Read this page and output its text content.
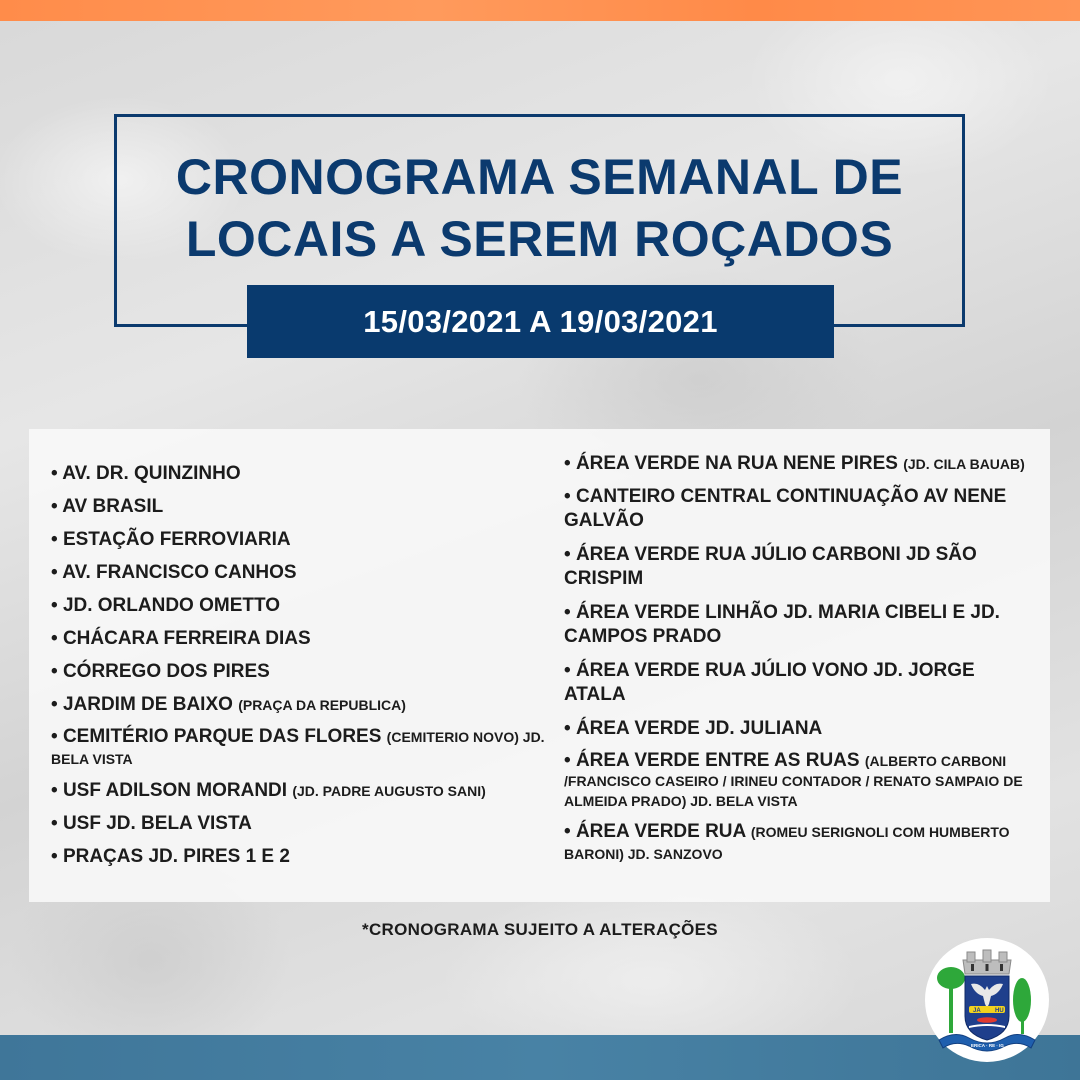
CRONOGRAMA SEMANAL DE
LOCAIS A SEREM ROÇADOS
15/03/2021 A 19/03/2021
• AV. DR. QUINZINHO
• AV BRASIL
• ESTAÇÃO FERROVIARIA
• AV. FRANCISCO CANHOS
• JD. ORLANDO OMETTO
• CHÁCARA FERREIRA DIAS
• CÓRREGO DOS PIRES
• JARDIM DE BAIXO (PRAÇA DA REPUBLICA)
• CEMITÉRIO PARQUE DAS FLORES (CEMITERIO NOVO) JD. BELA VISTA
• USF ADILSON MORANDI (JD. PADRE AUGUSTO SANI)
• USF JD. BELA VISTA
• PRAÇAS JD. PIRES 1 E 2
• ÁREA VERDE NA RUA NENE PIRES (JD. CILA BAUAB)
• CANTEIRO CENTRAL CONTINUAÇÃO AV NENE GALVÃO
• ÁREA VERDE RUA JÚLIO CARBONI JD SÃO CRISPIM
• ÁREA VERDE LINHÃO JD. MARIA CIBELI E JD. CAMPOS PRADO
• ÁREA VERDE RUA JÚLIO VONO JD. JORGE ATALA
• ÁREA VERDE JD. JULIANA
• ÁREA VERDE ENTRE AS RUAS (ALBERTO CARBONI /FRANCISCO CASEIRO / IRINEU CONTADOR / RENATO SAMPAIO DE ALMEIDA PRADO) JD. BELA VISTA
• ÁREA VERDE RUA (ROMEU SERIGNOLI COM HUMBERTO BARONI) JD. SANZOVO
*CRONOGRAMA SUJEITO A ALTERAÇÕES
JA HU
ERICA · RE · IG
